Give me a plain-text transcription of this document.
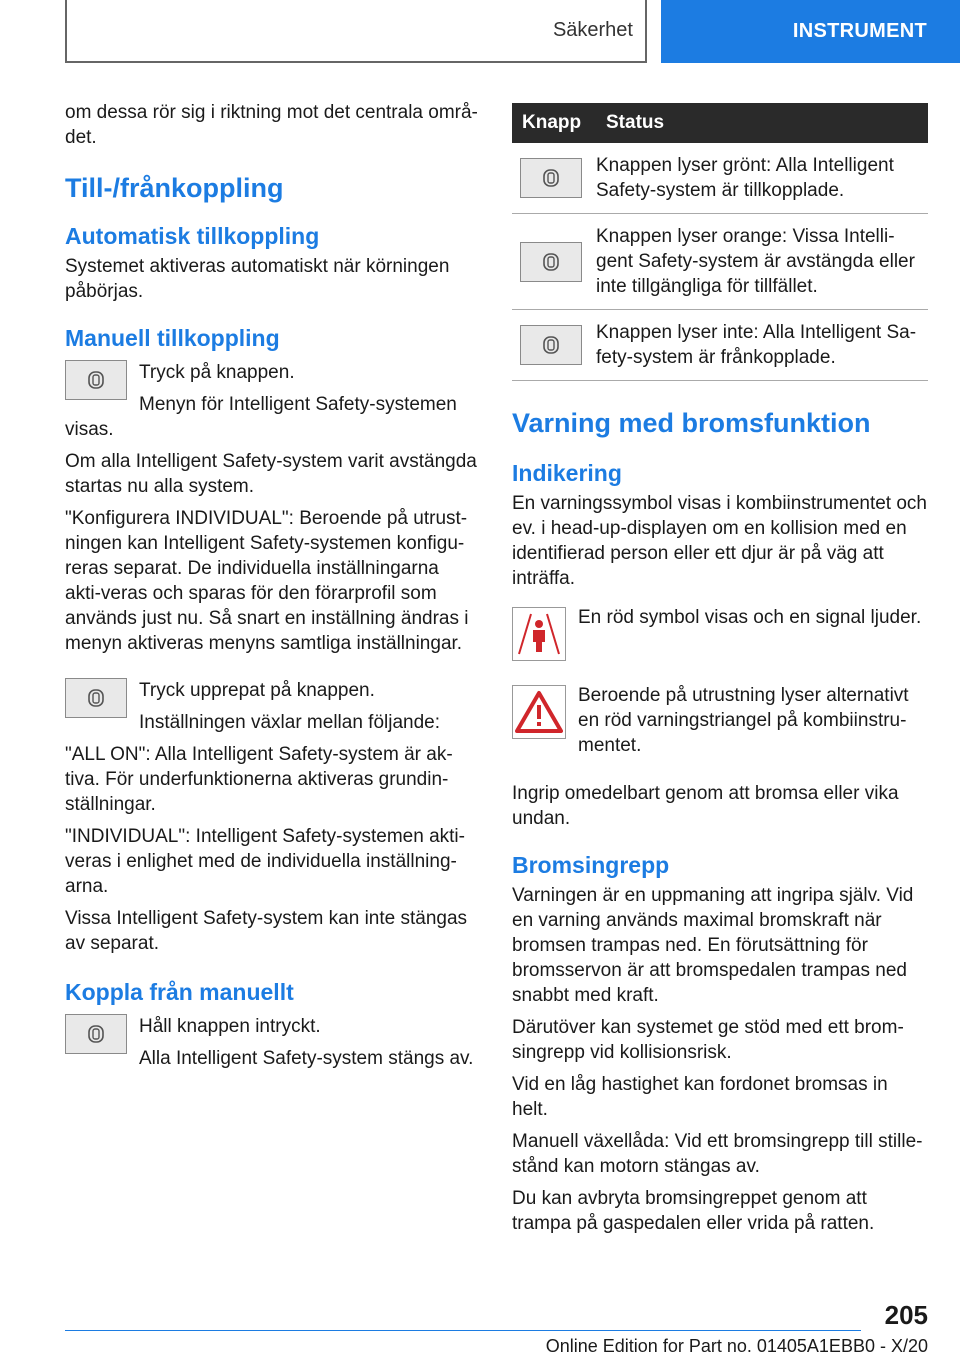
Säkerhet	INSTRUMENT

om dessa rör sig i riktning mot det centrala områ-det.

Till-/frånkoppling
Automatisk tillkoppling

Systemet aktiveras automatiskt när körningen påbörjas.

Manuell tillkoppling

Tryck på knappen.

Menyn för Intelligent Safety-systemen visas.

Om alla Intelligent Safety-system varit avstängda startas nu alla system.

"Konfigurera INDIVIDUAL": Beroende på utrust-ningen kan Intelligent Safety-systemen konfigu-reras separat. De individuella inställningarna akti-veras och sparas för den förarprofil som används just nu. Så snart en inställning ändras i menyn aktiveras menyns samtliga inställningar.

Tryck upprepat på knappen.

Inställningen växlar mellan följande:

"ALL ON": Alla Intelligent Safety-system är ak-tiva. För underfunktionerna aktiveras grundin-ställningar.

"INDIVIDUAL": Intelligent Safety-systemen akti-veras i enlighet med de individuella inställning-arna.

Vissa Intelligent Safety-system kan inte stängas av separat.

Koppla från manuellt

Håll knappen intryckt.

Alla Intelligent Safety-system stängs av.

Knapp	Status

	Knappen lyser grönt: Alla Intelligent Safety-system är tillkopplade.

	Knappen lyser orange: Vissa Intelli-gent Safety-system är avstängda eller inte tillgängliga för tillfället.

	Knappen lyser inte: Alla Intelligent Sa-fety-system är frånkopplade.
Varning med bromsfunktion
Indikering

En varningssymbol visas i kombiinstrumentet och ev. i head-up-displayen om en kollision med en identifierad person eller ett djur är på väg att inträffa.

En röd symbol visas och en signal ljuder.

Beroende på utrustning lyser alternativt en röd varningstriangel på kombiinstru-mentet.

Ingrip omedelbart genom att bromsa eller vika undan.

Bromsingrepp

Varningen är en uppmaning att ingripa själv. Vid en varning används maximal bromskraft när bromsen trampas ned. En förutsättning för bromsservon är att bromspedalen trampas ned snabbt med kraft.

Därutöver kan systemet ge stöd med ett brom-singrepp vid kollisionsrisk.

Vid en låg hastighet kan fordonet bromsas in helt.

Manuell växellåda: Vid ett bromsingrepp till stille-stånd kan motorn stängas av.

Du kan avbryta bromsingreppet genom att trampa på gaspedalen eller vrida på ratten.

205
Online Edition for Part no. 01405A1EBB0 - X/20
